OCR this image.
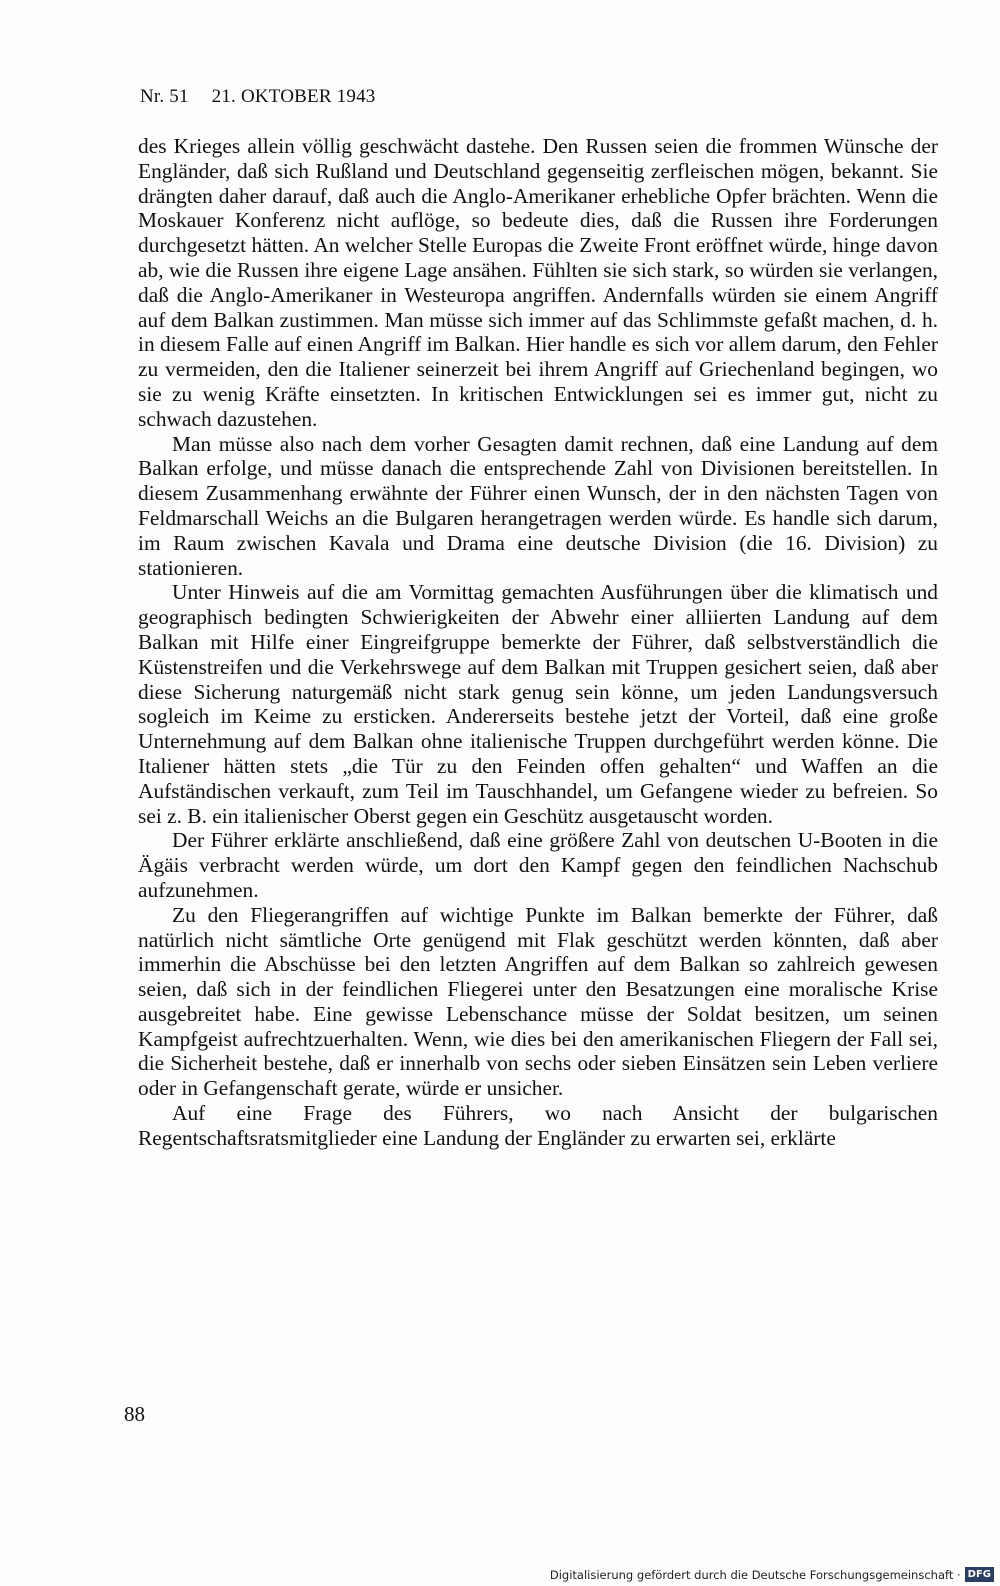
Nr. 51 21. OKTOBER 1943

des Krieges allein völlig geschwächt dastehe. Den Russen seien die frommen Wünsche der Engländer, daß sich Rußland und Deutschland gegenseitig zerfleischen mögen, bekannt. Sie drängten daher darauf, daß auch die Anglo-Amerikaner erhebliche Opfer brächten. Wenn die Moskauer Konferenz nicht auflöge, so bedeute dies, daß die Russen ihre Forderungen durchgesetzt hätten. An welcher Stelle Europas die Zweite Front eröffnet würde, hinge davon ab, wie die Russen ihre eigene Lage ansähen. Fühlten sie sich stark, so würden sie verlangen, daß die Anglo-Amerikaner in Westeuropa angriffen. Andernfalls würden sie einem Angriff auf dem Balkan zustimmen. Man müsse sich immer auf das Schlimmste gefaßt machen, d. h. in diesem Falle auf einen Angriff im Balkan. Hier handle es sich vor allem darum, den Fehler zu vermeiden, den die Italiener seinerzeit bei ihrem Angriff auf Griechenland begingen, wo sie zu wenig Kräfte einsetzten. In kritischen Entwicklungen sei es immer gut, nicht zu schwach dazustehen.

Man müsse also nach dem vorher Gesagten damit rechnen, daß eine Landung auf dem Balkan erfolge, und müsse danach die entsprechende Zahl von Divisionen bereitstellen. In diesem Zusammenhang erwähnte der Führer einen Wunsch, der in den nächsten Tagen von Feldmarschall Weichs an die Bulgaren herangetragen werden würde. Es handle sich darum, im Raum zwischen Kavala und Drama eine deutsche Division (die 16. Division) zu stationieren.

Unter Hinweis auf die am Vormittag gemachten Ausführungen über die klimatisch und geographisch bedingten Schwierigkeiten der Abwehr einer alliierten Landung auf dem Balkan mit Hilfe einer Eingreifgruppe bemerkte der Führer, daß selbstverständlich die Küstenstreifen und die Verkehrswege auf dem Balkan mit Truppen gesichert seien, daß aber diese Sicherung naturgemäß nicht stark genug sein könne, um jeden Landungsversuch sogleich im Keime zu ersticken. Andererseits bestehe jetzt der Vorteil, daß eine große Unternehmung auf dem Balkan ohne italienische Truppen durchgeführt werden könne. Die Italiener hätten stets „die Tür zu den Feinden offen gehalten“ und Waffen an die Aufständischen verkauft, zum Teil im Tauschhandel, um Gefangene wieder zu befreien. So sei z. B. ein italienischer Oberst gegen ein Geschütz ausgetauscht worden.

Der Führer erklärte anschließend, daß eine größere Zahl von deutschen U-Booten in die Ägäis verbracht werden würde, um dort den Kampf gegen den feindlichen Nachschub aufzunehmen.

Zu den Fliegerangriffen auf wichtige Punkte im Balkan bemerkte der Führer, daß natürlich nicht sämtliche Orte genügend mit Flak geschützt werden könnten, daß aber immerhin die Abschüsse bei den letzten Angriffen auf dem Balkan so zahlreich gewesen seien, daß sich in der feindlichen Fliegerei unter den Besatzungen eine moralische Krise ausgebreitet habe. Eine gewisse Lebenschance müsse der Soldat besitzen, um seinen Kampfgeist aufrechtzuerhalten. Wenn, wie dies bei den amerikanischen Fliegern der Fall sei, die Sicherheit bestehe, daß er innerhalb von sechs oder sieben Einsätzen sein Leben verliere oder in Gefangenschaft gerate, würde er unsicher.

Auf eine Frage des Führers, wo nach Ansicht der bulgarischen Regentschaftsratsmitglieder eine Landung der Engländer zu erwarten sei, erklärte

88
Digitalisierung gefördert durch die Deutsche Forschungsgemeinschaft · DFG
